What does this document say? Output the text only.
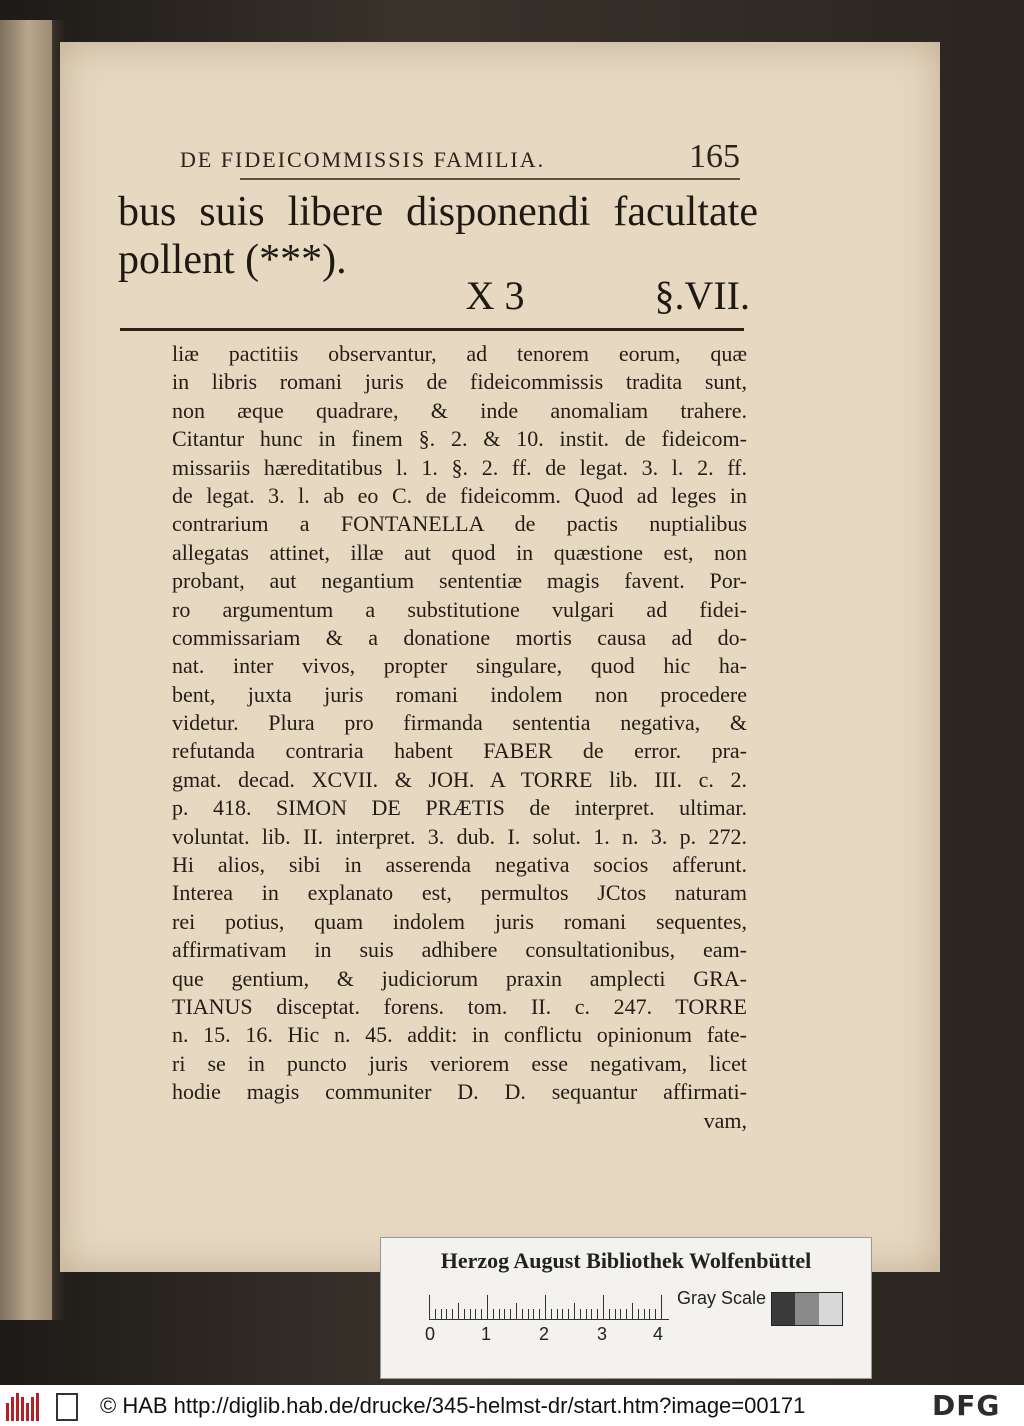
DE FIDEICOMMISSIS FAMILIA.	165
bus suis libere disponendi facultate
pollent (***).
X 3	§.VII.
liæ pactitiis observantur, ad tenorem eorum, quæ
in libris romani juris de fideicommissis tradita sunt,
non æque quadrare, & inde anomaliam trahere.
Citantur hunc in finem §. 2. & 10. instit. de fideicom-
missariis hæreditatibus l. 1. §. 2. ff. de legat. 3. l. 2. ff.
de legat. 3. l. ab eo C. de fideicomm. Quod ad leges in
contrarium a FONTANELLA de pactis nuptialibus
allegatas attinet, illæ aut quod in quæstione est, non
probant, aut negantium sententiæ magis favent. Por-
ro argumentum a substitutione vulgari ad fidei-
commissariam & a donatione mortis causa ad do-
nat. inter vivos, propter singulare, quod hic ha-
bent, juxta juris romani indolem non procedere
videtur. Plura pro firmanda sententia negativa, &
refutanda contraria habent FABER de error. pra-
gmat. decad. XCVII. & JOH. A TORRE lib. III. c. 2.
p. 418. SIMON DE PRÆTIS de interpret. ultimar.
voluntat. lib. II. interpret. 3. dub. I. solut. 1. n. 3. p. 272.
Hi alios, sibi in asserenda negativa socios afferunt.
Interea in explanato est, permultos JCtos naturam
rei potius, quam indolem juris romani sequentes,
affirmativam in suis adhibere consultationibus, eam-
que gentium, & judiciorum praxin amplecti GRA-
TIANUS disceptat. forens. tom. II. c. 247. TORRE
n. 15. 16. Hic n. 45. addit: in conflictu opinionum fate-
ri se in puncto juris veriorem esse negativam, licet
hodie magis communiter D. D. sequantur affirmati-
vam,
Herzog August Bibliothek Wolfenbüttel
0	1	2	3	4
Gray Scale
© HAB http://diglib.hab.de/drucke/345-helmst-dr/start.htm?image=00171	DFG
